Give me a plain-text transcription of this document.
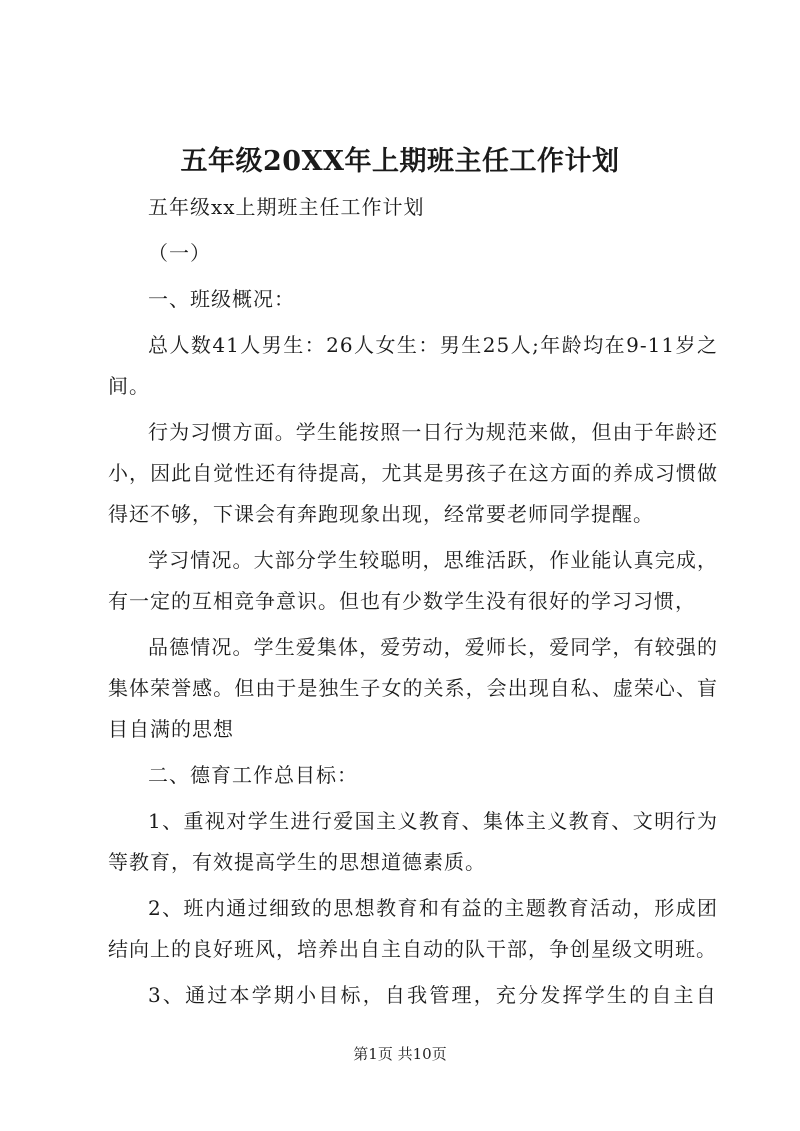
五年级20XX年上期班主任工作计划

五年级xx上期班主任工作计划

（一）

一、班级概况：

总人数41人男生：26人女生：男生25人;年龄均在9-11岁之间。

行为习惯方面。学生能按照一日行为规范来做，但由于年龄还小，因此自觉性还有待提高，尤其是男孩子在这方面的养成习惯做得还不够，下课会有奔跑现象出现，经常要老师同学提醒。

学习情况。大部分学生较聪明，思维活跃，作业能认真完成，有一定的互相竞争意识。但也有少数学生没有很好的学习习惯，

品德情况。学生爱集体，爱劳动，爱师长，爱同学，有较强的集体荣誉感。但由于是独生子女的关系，会出现自私、虚荣心、盲目自满的思想

二、德育工作总目标：

1、重视对学生进行爱国主义教育、集体主义教育、文明行为等教育，有效提高学生的思想道德素质。

2、班内通过细致的思想教育和有益的主题教育活动，形成团结向上的良好班风，培养出自主自动的队干部，争创星级文明班。

3、通过本学期小目标，自我管理，充分发挥学生的自主自

第1页 共10页
